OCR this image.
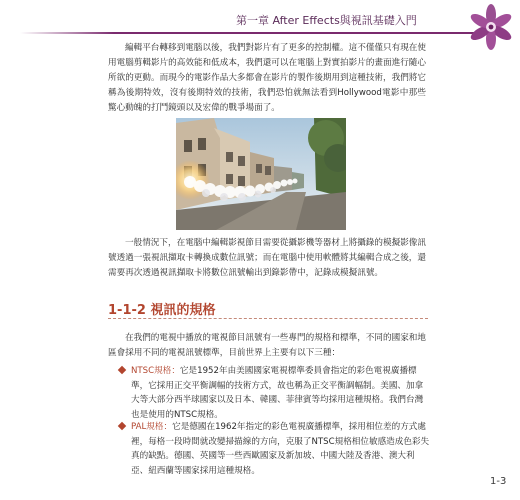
第一章 After Effects與視訊基礎入門
編輯平台轉移到電腦以後，我們對影片有了更多的控制權。這不僅僅只有現在使用電腦剪輯影片的高效能和低成本，我們還可以在電腦上對實拍影片的畫面進行隨心所欲的更動。而現今的電影作品大多都會在影片的製作後期用到這種技術，我們將它稱為後期特效，沒有後期特效的技術，我們恐怕就無法看到Hollywood電影中那些驚心動魄的打鬥鏡頭以及宏偉的戰爭場面了。
一般情況下，在電腦中編輯影視節目需要從攝影機等器材上將攝錄的模擬影像訊號透過一張視訊擷取卡轉換成數位訊號；而在電腦中使用軟體將其編輯合成之後，還需要再次透過視訊擷取卡將數位訊號輸出到錄影帶中，記錄成模擬訊號。
1-1-2 視訊的規格
在我們的電視中播放的電視節目訊號有一些專門的規格和標準，不同的國家和地區會採用不同的電視訊號標準，目前世界上主要有以下三種：
NTSC規格：它是1952年由美國國家電視標準委員會指定的彩色電視廣播標準，它採用正交平衡調幅的技術方式，故也稱為正交平衡調幅制。美國、加拿大等大部分西半球國家以及日本、韓國、菲律賓等均採用這種規格。我們台灣也是使用的NTSC規格。
PAL規格：它是德國在1962年指定的彩色電視廣播標準，採用相位差的方式處裡，每格一段時間就改變掃描線的方向，克服了NTSC規格相位敏感造成色彩失真的缺點。德國、英國等一些西歐國家及新加坡、中國大陸及香港、澳大利亞、紐西蘭等國家採用這種規格。
1-3
